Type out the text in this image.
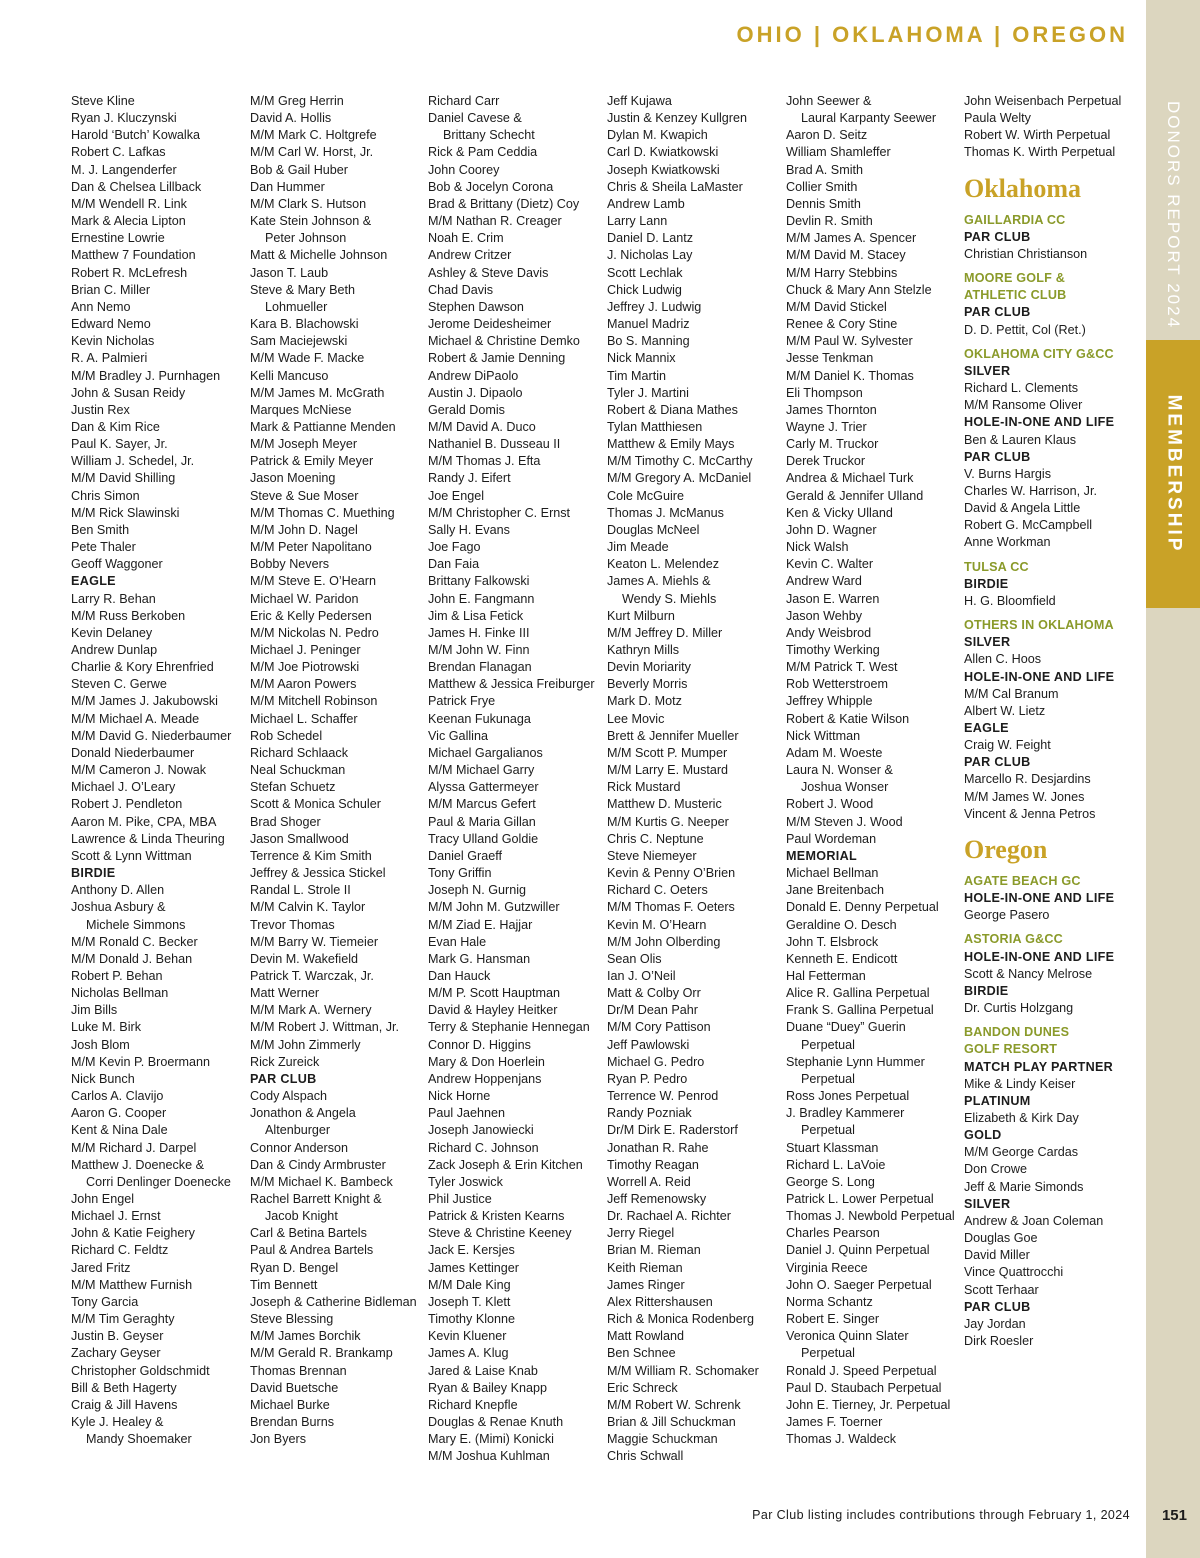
OHIO | OKLAHOMA | OREGON
DONORS REPORT 2024
MEMBERSHIP
Steve Kline
Ryan J. Kluczynski
Harold ‘Butch’ Kowalka
Robert C. Lafkas
M. J. Langenderfer
Dan & Chelsea Lillback
M/M Wendell R. Link
Mark & Alecia Lipton
Ernestine Lowrie
Matthew 7 Foundation
Robert R. McLefresh
Brian C. Miller
Ann Nemo
Edward Nemo
Kevin Nicholas
R. A. Palmieri
M/M Bradley J. Purnhagen
John & Susan Reidy
Justin Rex
Dan & Kim Rice
Paul K. Sayer, Jr.
William J. Schedel, Jr.
M/M David Shilling
Chris Simon
M/M Rick Slawinski
Ben Smith
Pete Thaler
Geoff Waggoner
EAGLE
Larry R. Behan
M/M Russ Berkoben
Kevin Delaney
Andrew Dunlap
Charlie & Kory Ehrenfried
Steven C. Gerwe
M/M James J. Jakubowski
M/M Michael A. Meade
M/M David G. Niederbaumer
Donald Niederbaumer
M/M Cameron J. Nowak
Michael J. O’Leary
Robert J. Pendleton
Aaron M. Pike, CPA, MBA
Lawrence & Linda Theuring
Scott & Lynn Wittman
BIRDIE
Anthony D. Allen
Joshua Asbury &
Michele Simmons
M/M Ronald C. Becker
M/M Donald J. Behan
Robert P. Behan
Nicholas Bellman
Jim Bills
Luke M. Birk
Josh Blom
M/M Kevin P. Broermann
Nick Bunch
Carlos A. Clavijo
Aaron G. Cooper
Kent & Nina Dale
M/M Richard J. Darpel
Matthew J. Doenecke &
Corri Denlinger Doenecke
John Engel
Michael J. Ernst
John & Katie Feighery
Richard C. Feldtz
Jared Fritz
M/M Matthew Furnish
Tony Garcia
M/M Tim Geraghty
Justin B. Geyser
Zachary Geyser
Christopher Goldschmidt
Bill & Beth Hagerty
Craig & Jill Havens
Kyle J. Healey &
Mandy Shoemaker
M/M Greg Herrin
David A. Hollis
M/M Mark C. Holtgrefe
M/M Carl W. Horst, Jr.
Bob & Gail Huber
Dan Hummer
M/M Clark S. Hutson
Kate Stein Johnson &
Peter Johnson
Matt & Michelle Johnson
Jason T. Laub
Steve & Mary Beth
Lohmueller
Kara B. Blachowski
Sam Maciejewski
M/M Wade F. Macke
Kelli Mancuso
M/M James M. McGrath
Marques McNiese
Mark & Pattianne Menden
M/M Joseph Meyer
Patrick & Emily Meyer
Jason Moening
Steve & Sue Moser
M/M Thomas C. Muething
M/M John D. Nagel
M/M Peter Napolitano
Bobby Nevers
M/M Steve E. O’Hearn
Michael W. Paridon
Eric & Kelly Pedersen
M/M Nickolas N. Pedro
Michael J. Peninger
M/M Joe Piotrowski
M/M Aaron Powers
M/M Mitchell Robinson
Michael L. Schaffer
Rob Schedel
Richard Schlaack
Neal Schuckman
Stefan Schuetz
Scott & Monica Schuler
Brad Shoger
Jason Smallwood
Terrence & Kim Smith
Jeffrey & Jessica Stickel
Randal L. Strole II
M/M Calvin K. Taylor
Trevor Thomas
M/M Barry W. Tiemeier
Devin M. Wakefield
Patrick T. Warczak, Jr.
Matt Werner
M/M Mark A. Wernery
M/M Robert J. Wittman, Jr.
M/M John Zimmerly
Rick Zureick
PAR CLUB
Cody Alspach
Jonathon & Angela
Altenburger
Connor Anderson
Dan & Cindy Armbruster
M/M Michael K. Bambeck
Rachel Barrett Knight &
Jacob Knight
Carl & Betina Bartels
Paul & Andrea Bartels
Ryan D. Bengel
Tim Bennett
Joseph & Catherine Bidleman
Steve Blessing
M/M James Borchik
M/M Gerald R. Brankamp
Thomas Brennan
David Buetsche
Michael Burke
Brendan Burns
Jon Byers
Richard Carr
Daniel Cavese &
Brittany Schecht
Rick & Pam Ceddia
John Coorey
Bob & Jocelyn Corona
Brad & Brittany (Dietz) Coy
M/M Nathan R. Creager
Noah E. Crim
Andrew Critzer
Ashley & Steve Davis
Chad Davis
Stephen Dawson
Jerome Deidesheimer
Michael & Christine Demko
Robert & Jamie Denning
Andrew DiPaolo
Austin J. Dipaolo
Gerald Domis
M/M David A. Duco
Nathaniel B. Dusseau II
M/M Thomas J. Efta
Randy J. Eifert
Joe Engel
M/M Christopher C. Ernst
Sally H. Evans
Joe Fago
Dan Faia
Brittany Falkowski
John E. Fangmann
Jim & Lisa Fetick
James H. Finke III
M/M John W. Finn
Brendan Flanagan
Matthew & Jessica Freiburger
Patrick Frye
Keenan Fukunaga
Vic Gallina
Michael Gargalianos
M/M Michael Garry
Alyssa Gattermeyer
M/M Marcus Gefert
Paul & Maria Gillan
Tracy Ulland Goldie
Daniel Graeff
Tony Griffin
Joseph N. Gurnig
M/M John M. Gutzwiller
M/M Ziad E. Hajjar
Evan Hale
Mark G. Hansman
Dan Hauck
M/M P. Scott Hauptman
David & Hayley Heitker
Terry & Stephanie Hennegan
Connor D. Higgins
Mary & Don Hoerlein
Andrew Hoppenjans
Nick Horne
Paul Jaehnen
Joseph Janowiecki
Richard C. Johnson
Zack Joseph & Erin Kitchen
Tyler Joswick
Phil Justice
Patrick & Kristen Kearns
Steve & Christine Keeney
Jack E. Kersjes
James Kettinger
M/M Dale King
Joseph T. Klett
Timothy Klonne
Kevin Kluener
James A. Klug
Jared & Laise Knab
Ryan & Bailey Knapp
Richard Knepfle
Douglas & Renae Knuth
Mary E. (Mimi) Konicki
M/M Joshua Kuhlman
Jeff Kujawa
Justin & Kenzey Kullgren
Dylan M. Kwapich
Carl D. Kwiatkowski
Joseph Kwiatkowski
Chris & Sheila LaMaster
Andrew Lamb
Larry Lann
Daniel D. Lantz
J. Nicholas Lay
Scott Lechlak
Chick Ludwig
Jeffrey J. Ludwig
Manuel Madriz
Bo S. Manning
Nick Mannix
Tim Martin
Tyler J. Martini
Robert & Diana Mathes
Tylan Matthiesen
Matthew & Emily Mays
M/M Timothy C. McCarthy
M/M Gregory A. McDaniel
Cole McGuire
Thomas J. McManus
Douglas McNeel
Jim Meade
Keaton L. Melendez
James A. Miehls &
Wendy S. Miehls
Kurt Milburn
M/M Jeffrey D. Miller
Kathryn Mills
Devin Moriarity
Beverly Morris
Mark D. Motz
Lee Movic
Brett & Jennifer Mueller
M/M Scott P. Mumper
M/M Larry E. Mustard
Rick Mustard
Matthew D. Musteric
M/M Kurtis G. Neeper
Chris C. Neptune
Steve Niemeyer
Kevin & Penny O’Brien
Richard C. Oeters
M/M Thomas F. Oeters
Kevin M. O’Hearn
M/M John Olberding
Sean Olis
Ian J. O’Neil
Matt & Colby Orr
Dr/M Dean Pahr
M/M Cory Pattison
Jeff Pawlowski
Michael G. Pedro
Ryan P. Pedro
Terrence W. Penrod
Randy Pozniak
Dr/M Dirk E. Raderstorf
Jonathan R. Rahe
Timothy Reagan
Worrell A. Reid
Jeff Remenowsky
Dr. Rachael A. Richter
Jerry Riegel
Brian M. Rieman
Keith Rieman
James Ringer
Alex Rittershausen
Rich & Monica Rodenberg
Matt Rowland
Ben Schnee
M/M William R. Schomaker
Eric Schreck
M/M Robert W. Schrenk
Brian & Jill Schuckman
Maggie Schuckman
Chris Schwall
John Seewer &
Laural Karpanty Seewer
Aaron D. Seitz
William Shamleffer
Brad A. Smith
Collier Smith
Dennis Smith
Devlin R. Smith
M/M James A. Spencer
M/M David M. Stacey
M/M Harry Stebbins
Chuck & Mary Ann Stelzle
M/M David Stickel
Renee & Cory Stine
M/M Paul W. Sylvester
Jesse Tenkman
M/M Daniel K. Thomas
Eli Thompson
James Thornton
Wayne J. Trier
Carly M. Truckor
Derek Truckor
Andrea & Michael Turk
Gerald & Jennifer Ulland
Ken & Vicky Ulland
John D. Wagner
Nick Walsh
Kevin C. Walter
Andrew Ward
Jason E. Warren
Jason Wehby
Andy Weisbrod
Timothy Werking
M/M Patrick T. West
Rob Wetterstroem
Jeffrey Whipple
Robert & Katie Wilson
Nick Wittman
Adam M. Woeste
Laura N. Wonser &
Joshua Wonser
Robert J. Wood
M/M Steven J. Wood
Paul Wordeman
MEMORIAL
Michael Bellman
Jane Breitenbach
Donald E. Denny Perpetual
Geraldine O. Desch
John T. Elsbrock
Kenneth E. Endicott
Hal Fetterman
Alice R. Gallina Perpetual
Frank S. Gallina Perpetual
Duane “Duey” Guerin
Perpetual
Stephanie Lynn Hummer
Perpetual
Ross Jones Perpetual
J. Bradley Kammerer
Perpetual
Stuart Klassman
Richard L. LaVoie
George S. Long
Patrick L. Lower Perpetual
Thomas J. Newbold Perpetual
Charles Pearson
Daniel J. Quinn Perpetual
Virginia Reece
John O. Saeger Perpetual
Norma Schantz
Robert E. Singer
Veronica Quinn Slater
Perpetual
Ronald J. Speed Perpetual
Paul D. Staubach Perpetual
John E. Tierney, Jr. Perpetual
James F. Toerner
Thomas J. Waldeck
John Weisenbach Perpetual
Paula Welty
Robert W. Wirth Perpetual
Thomas K. Wirth Perpetual
Oklahoma
GAILLARDIA CC
PAR CLUB
Christian Christianson
MOORE GOLF &
ATHLETIC CLUB
PAR CLUB
D. D. Pettit, Col (Ret.)
OKLAHOMA CITY G&CC
SILVER
Richard L. Clements
M/M Ransome Oliver
HOLE-IN-ONE AND LIFE
Ben & Lauren Klaus
PAR CLUB
V. Burns Hargis
Charles W. Harrison, Jr.
David & Angela Little
Robert G. McCampbell
Anne Workman
TULSA CC
BIRDIE
H. G. Bloomfield
OTHERS IN OKLAHOMA
SILVER
Allen C. Hoos
HOLE-IN-ONE AND LIFE
M/M Cal Branum
Albert W. Lietz
EAGLE
Craig W. Feight
PAR CLUB
Marcello R. Desjardins
M/M James W. Jones
Vincent & Jenna Petros
Oregon
AGATE BEACH GC
HOLE-IN-ONE AND LIFE
George Pasero
ASTORIA G&CC
HOLE-IN-ONE AND LIFE
Scott & Nancy Melrose
BIRDIE
Dr. Curtis Holzgang
BANDON DUNES
GOLF RESORT
MATCH PLAY PARTNER
Mike & Lindy Keiser
PLATINUM
Elizabeth & Kirk Day
GOLD
M/M George Cardas
Don Crowe
Jeff & Marie Simonds
SILVER
Andrew & Joan Coleman
Douglas Goe
David Miller
Vince Quattrocchi
Scott Terhaar
PAR CLUB
Jay Jordan
Dirk Roesler
Par Club listing includes contributions through February 1, 2024 151
